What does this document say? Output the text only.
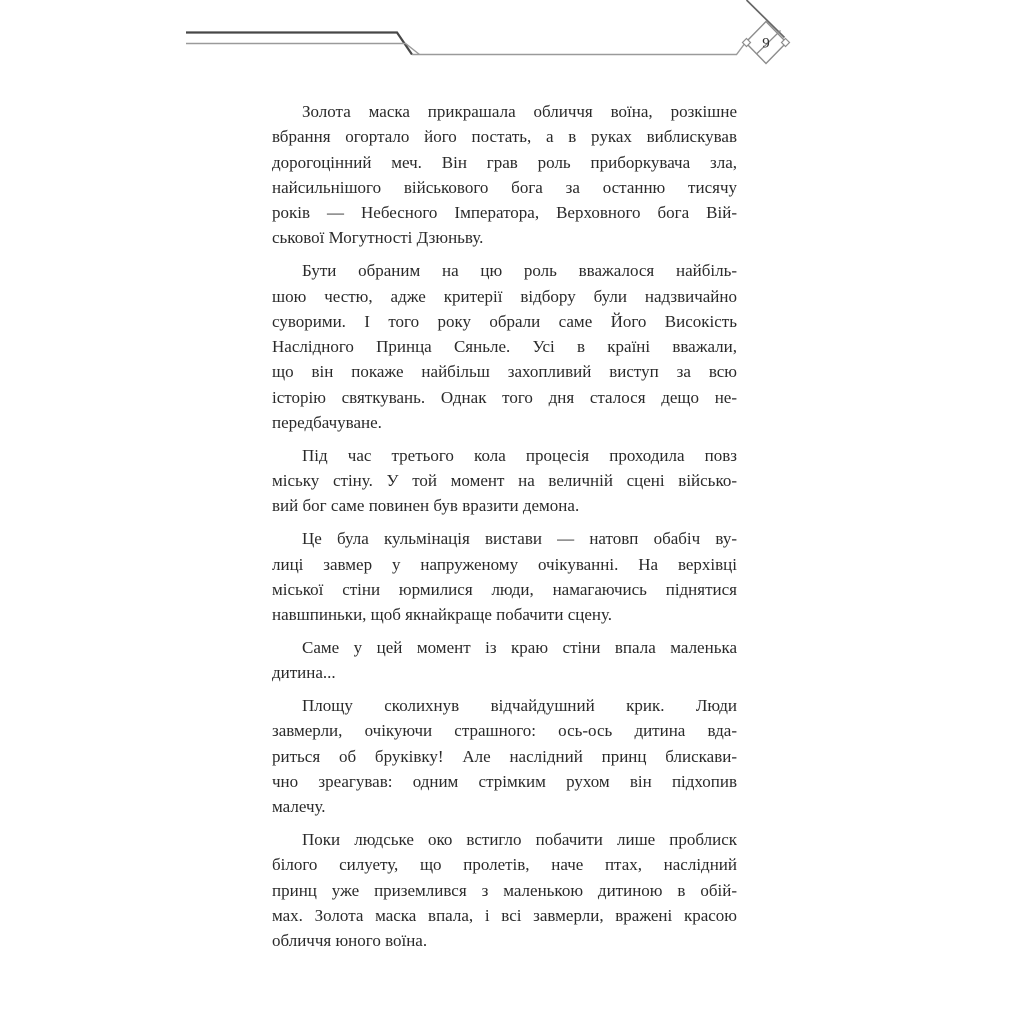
9
Золота маска прикрашала обличчя воїна, розкішне
вбрання огортало його постать, а в руках виблискував
дорогоцінний меч. Він грав роль приборкувача зла,
найсильнішого військового бога за останню тисячу
років — Небесного Імператора, Верховного бога Вій-
ськової Могутності Дзюньву.
Бути обраним на цю роль вважалося найбіль-
шою честю, адже критерії відбору були надзвичайно
суворими. І того року обрали саме Його Високість
Наслідного Принца Сяньле. Усі в країні вважали,
що він покаже найбільш захопливий виступ за всю
історію святкувань. Однак того дня сталося дещо не-
передбачуване.
Під час третього кола процесія проходила повз
міську стіну. У той момент на величній сцені військо-
вий бог саме повинен був вразити демона.
Це була кульмінація вистави — натовп обабіч ву-
лиці завмер у напруженому очікуванні. На верхівці
міської стіни юрмилися люди, намагаючись піднятися
навшпиньки, щоб якнайкраще побачити сцену.
Саме у цей момент із краю стіни впала маленька
дитина...
Площу сколихнув відчайдушний крик. Люди
завмерли, очікуючи страшного: ось-ось дитина вда-
риться об бруківку! Але наслідний принц блискави-
чно зреагував: одним стрімким рухом він підхопив
малечу.
Поки людське око встигло побачити лише проблиск
білого силуету, що пролетів, наче птах, наслідний
принц уже приземлився з маленькою дитиною в обій-
мах. Золота маска впала, і всі завмерли, вражені красою
обличчя юного воїна.
